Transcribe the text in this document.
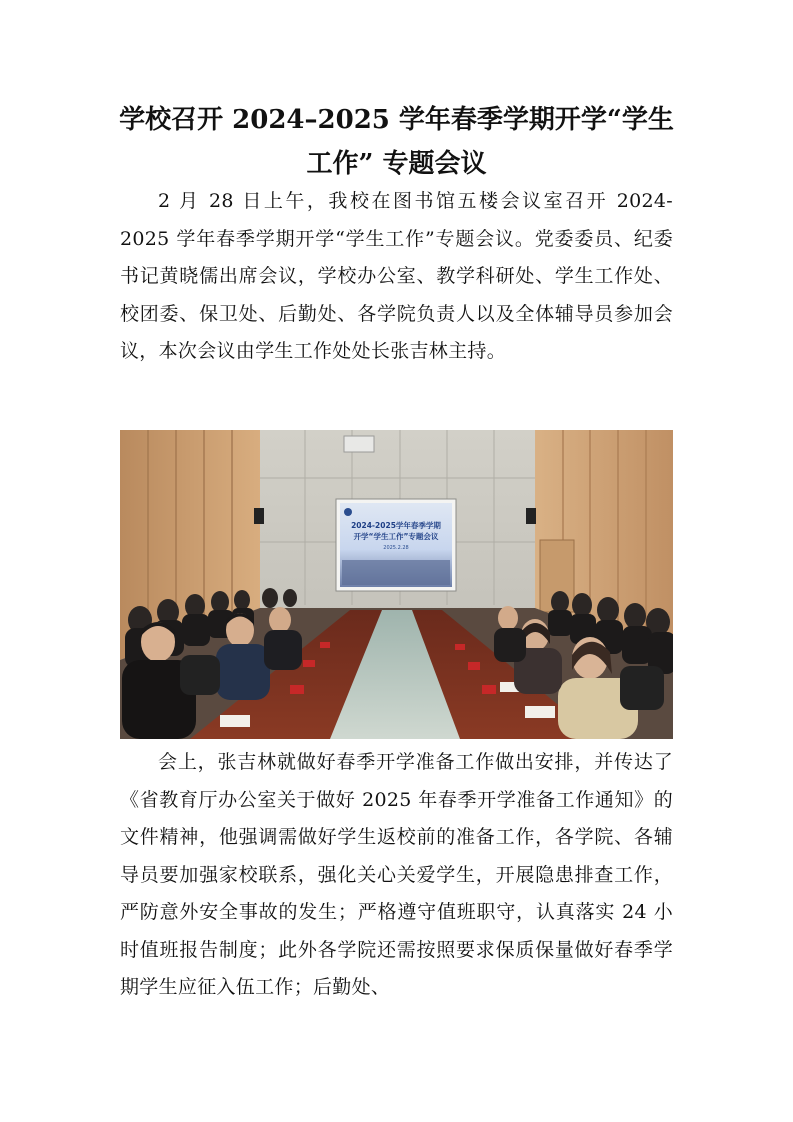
学校召开 2024–2025 学年春季学期开学“学生工作” 专题会议
2 月 28 日上午，我校在图书馆五楼会议室召开 2024-2025 学年春季学期开学“学生工作”专题会议。党委委员、纪委书记黄晓儒出席会议，学校办公室、教学科研处、学生工作处、校团委、保卫处、后勤处、各学院负责人以及全体辅导员参加会议，本次会议由学生工作处处长张吉林主持。
2024-2025学年春季学期
开学“学生工作”专题会议
2025.2.28
会上，张吉林就做好春季开学准备工作做出安排，并传达了《省教育厅办公室关于做好 2025 年春季开学准备工作通知》的文件精神，他强调需做好学生返校前的准备工作，各学院、各辅导员要加强家校联系，强化关心关爱学生，开展隐患排查工作，严防意外安全事故的发生；严格遵守值班职守，认真落实 24 小时值班报告制度；此外各学院还需按照要求保质保量做好春季学期学生应征入伍工作；后勤处、
